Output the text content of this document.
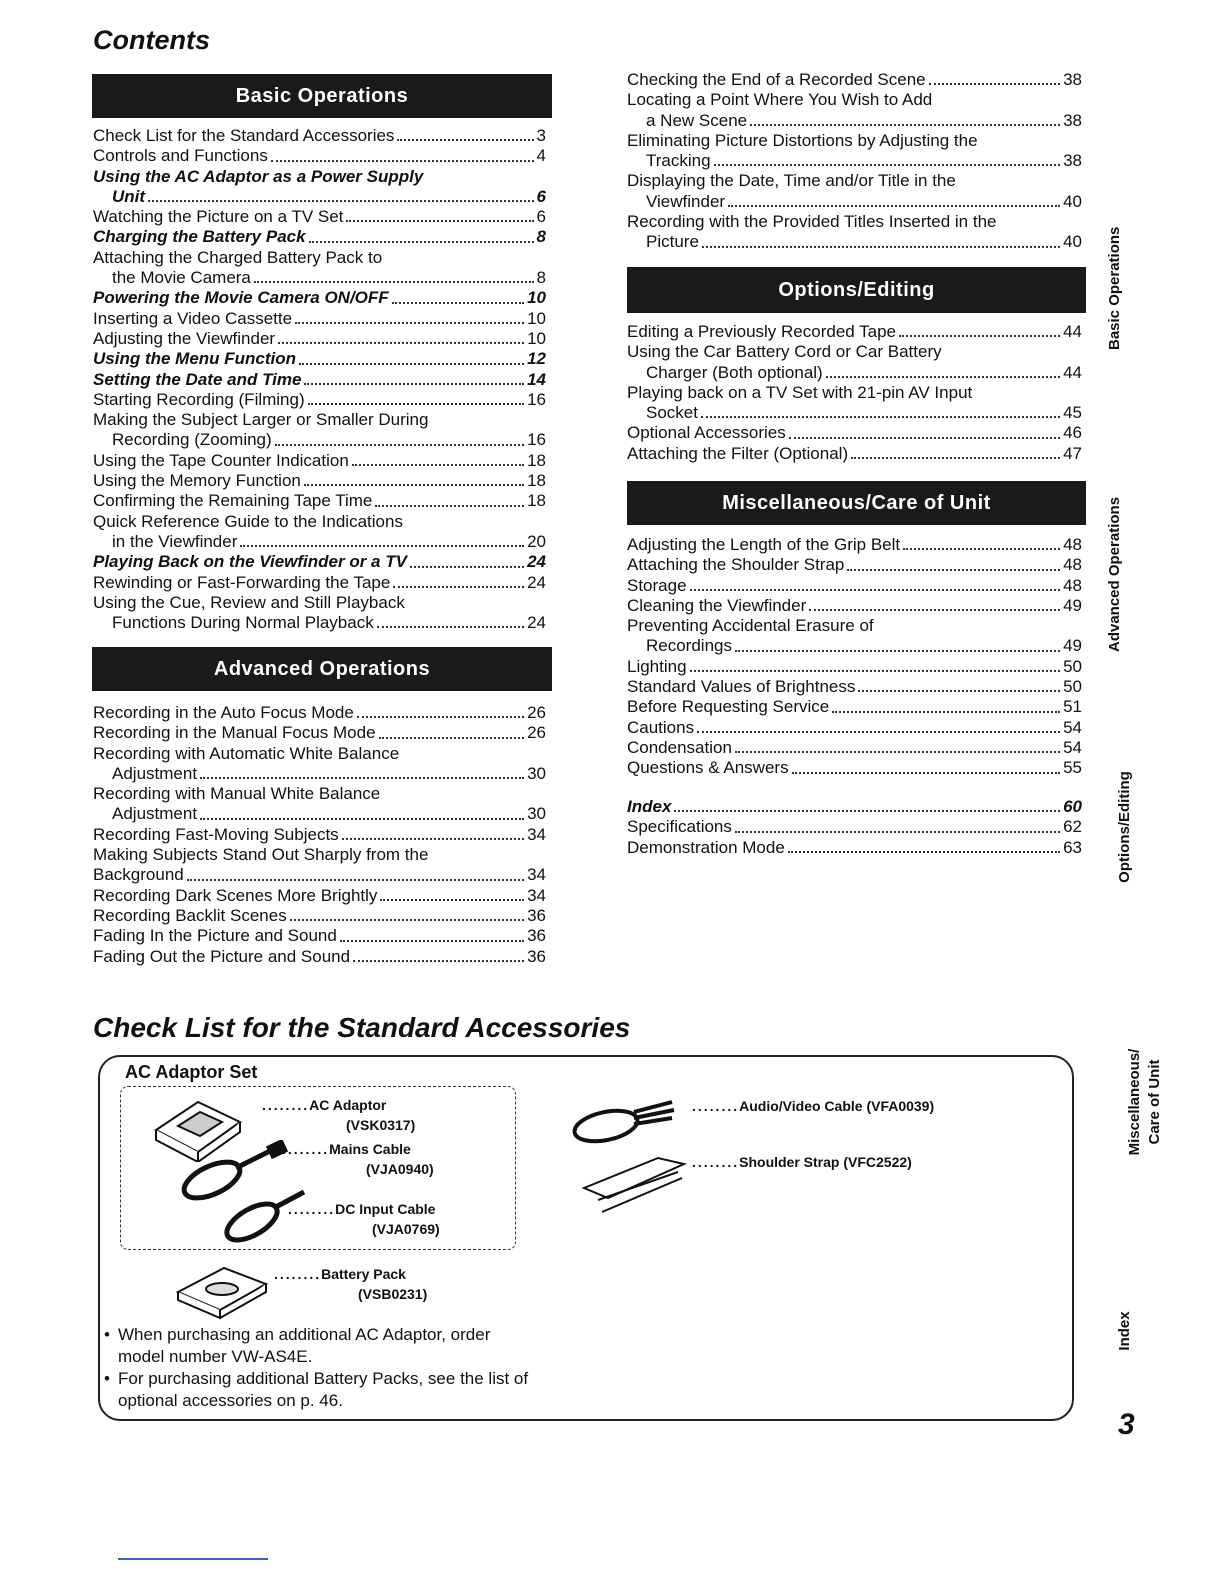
Contents
Basic Operations
Check List for the Standard Accessories	3
Controls and Functions	4
Using the AC Adaptor as a Power Supply
Unit	6
Watching the Picture on a TV Set	6
Charging the Battery Pack	8
Attaching the Charged Battery Pack to
the Movie Camera	8
Powering the Movie Camera ON/OFF	10
Inserting a Video Cassette	10
Adjusting the Viewfinder	10
Using the Menu Function	12
Setting the Date and Time	14
Starting Recording (Filming)	16
Making the Subject Larger or Smaller During
Recording (Zooming)	16
Using the Tape Counter Indication	18
Using the Memory Function	18
Confirming the Remaining Tape Time	18
Quick Reference Guide to the Indications
in the Viewfinder	20
Playing Back on the Viewfinder or a TV	24
Rewinding or Fast-Forwarding the Tape	24
Using the Cue, Review and Still Playback
Functions During Normal Playback	24
Advanced Operations
Recording in the Auto Focus Mode	26
Recording in the Manual Focus Mode	26
Recording with Automatic White Balance
Adjustment	30
Recording with Manual White Balance
Adjustment	30
Recording Fast-Moving Subjects	34
Making Subjects Stand Out Sharply from the
Background	34
Recording Dark Scenes More Brightly	34
Recording Backlit Scenes	36
Fading In the Picture and Sound	36
Fading Out the Picture and Sound	36
Checking the End of a Recorded Scene	38
Locating a Point Where You Wish to Add
a New Scene	38
Eliminating Picture Distortions by Adjusting the
Tracking	38
Displaying the Date, Time and/or Title in the
Viewfinder	40
Recording with the Provided Titles Inserted in the
Picture	40
Options/Editing
Editing a Previously Recorded Tape	44
Using the Car Battery Cord or Car Battery
Charger (Both optional)	44
Playing back on a TV Set with 21-pin AV Input
Socket	45
Optional Accessories	46
Attaching the Filter (Optional)	47
Miscellaneous/Care of Unit
Adjusting the Length of the Grip Belt	48
Attaching the Shoulder Strap	48
Storage	48
Cleaning the Viewfinder	49
Preventing Accidental Erasure of
Recordings	49
Lighting	50
Standard Values of Brightness	50
Before Requesting Service	51
Cautions	54
Condensation	54
Questions & Answers	55
Index	60
Specifications	62
Demonstration Mode	63
Basic Operations
Advanced Operations
Options/Editing
Miscellaneous/ Care of Unit
Index
Check List for the Standard Accessories
AC Adaptor Set
........AC Adaptor
(VSK0317)
........Mains Cable
(VJA0940)
........DC Input Cable
(VJA0769)
........Battery Pack
(VSB0231)
........Audio/Video Cable (VFA0039)
........Shoulder Strap (VFC2522)
• When purchasing an additional AC Adaptor, order model number VW-AS4E.
• For purchasing additional Battery Packs, see the list of optional accessories on p. 46.
3
